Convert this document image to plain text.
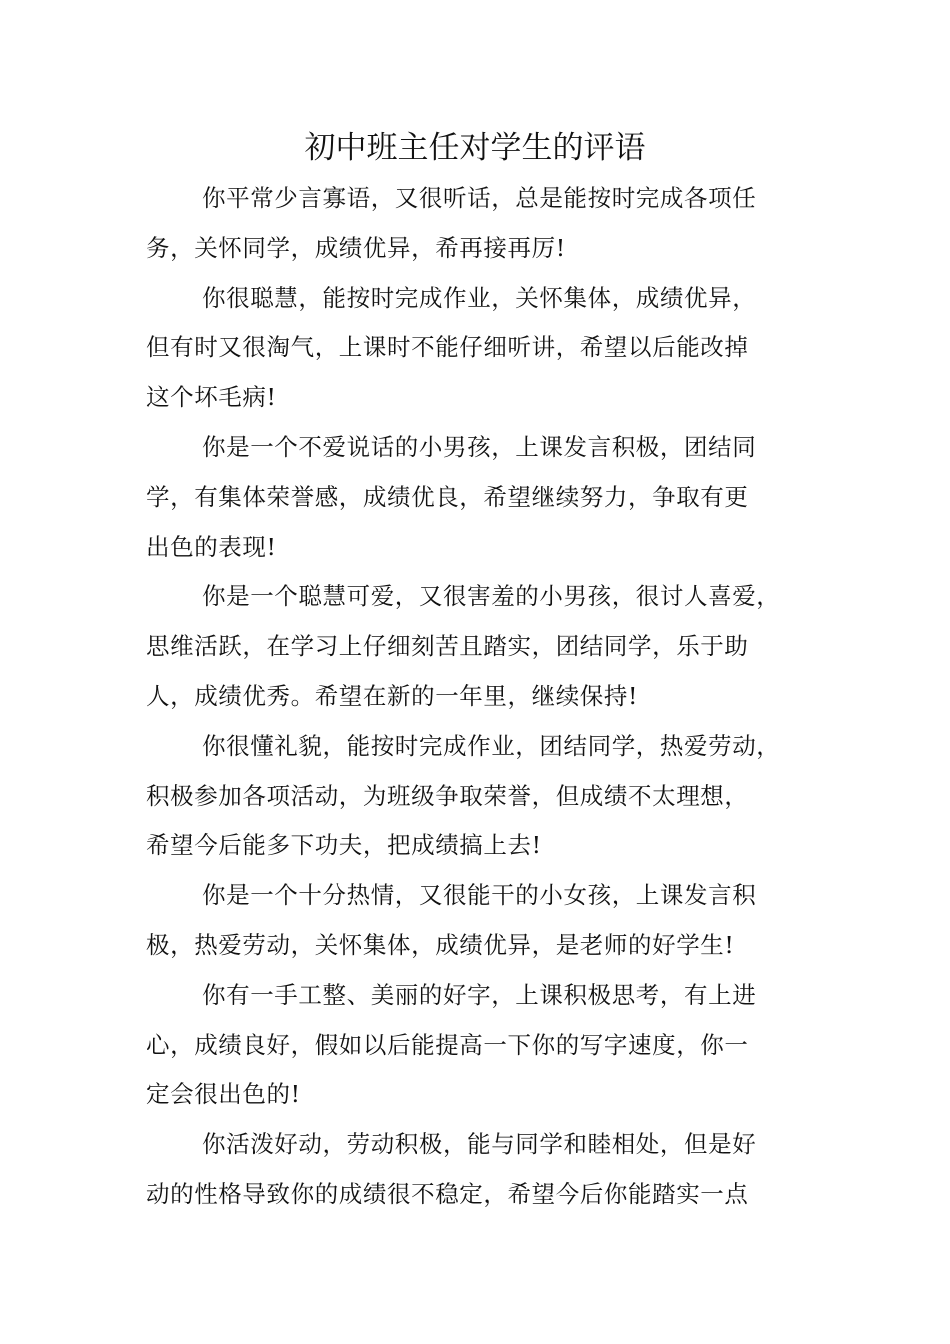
初中班主任对学生的评语

你平常少言寡语，又很听话，总是能按时完成各项任
务，关怀同学，成绩优异，希再接再厉!

你很聪慧，能按时完成作业，关怀集体，成绩优异，
但有时又很淘气，上课时不能仔细听讲，希望以后能改掉
这个坏毛病!

你是一个不爱说话的小男孩，上课发言积极，团结同
学，有集体荣誉感，成绩优良，希望继续努力，争取有更
出色的表现!

你是一个聪慧可爱，又很害羞的小男孩，很讨人喜爱，
思维活跃，在学习上仔细刻苦且踏实，团结同学，乐于助
人，成绩优秀。希望在新的一年里，继续保持!

你很懂礼貌，能按时完成作业，团结同学，热爱劳动，
积极参加各项活动，为班级争取荣誉，但成绩不太理想，
希望今后能多下功夫，把成绩搞上去!

你是一个十分热情，又很能干的小女孩，上课发言积
极，热爱劳动，关怀集体，成绩优异，是老师的好学生!

你有一手工整、美丽的好字，上课积极思考，有上进
心，成绩良好，假如以后能提高一下你的写字速度，你一
定会很出色的!

你活泼好动，劳动积极，能与同学和睦相处，但是好
动的性格导致你的成绩很不稳定，希望今后你能踏实一点
